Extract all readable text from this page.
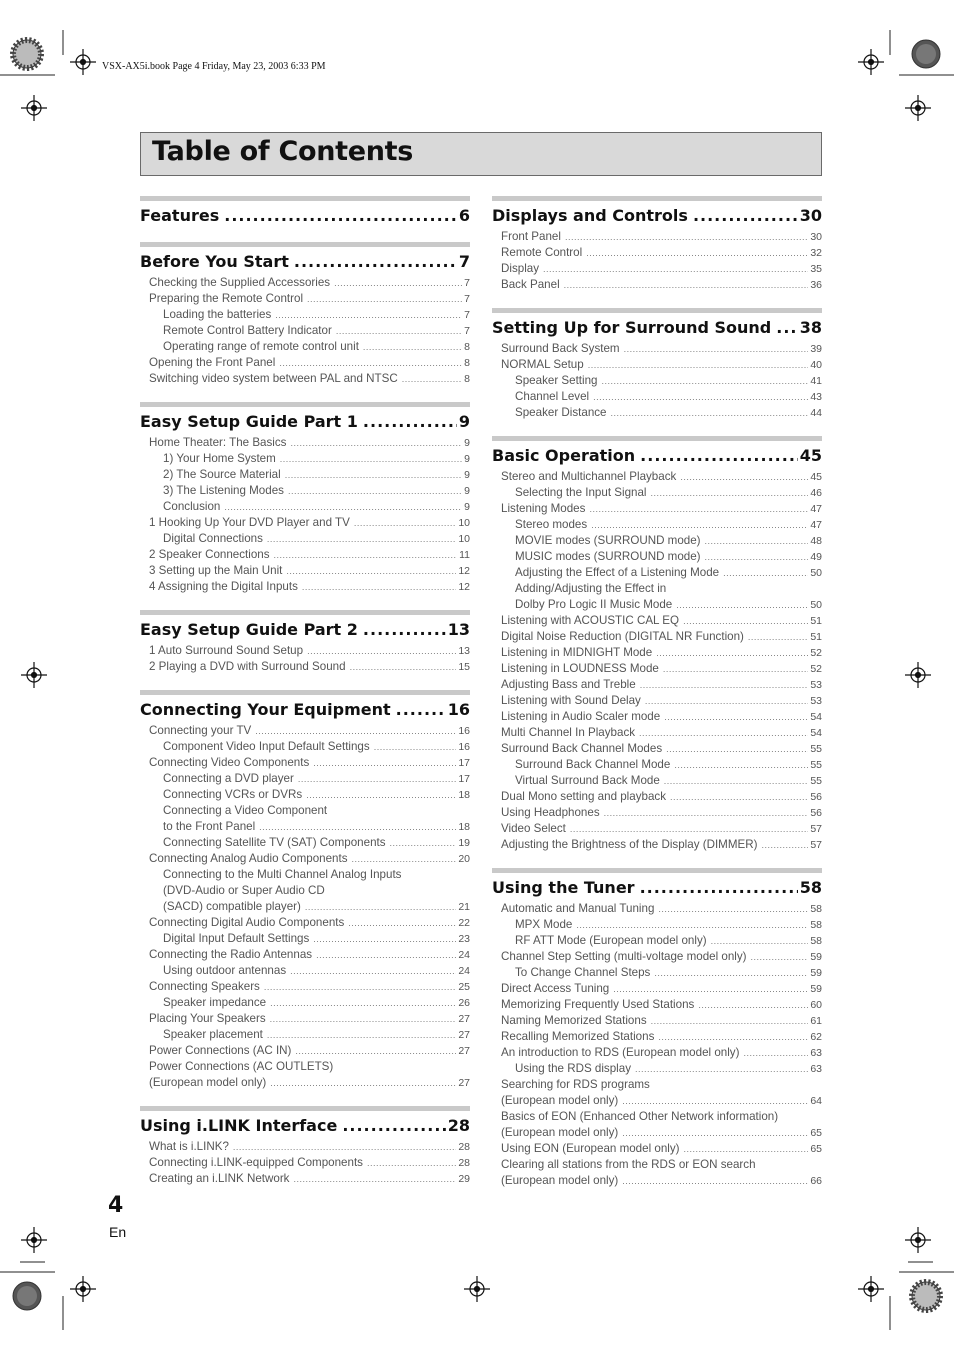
VSX-AX5i.book Page 4 Friday, May 23, 2003 6:33 PM
Table of Contents
Features .....	6
Before You Start .....	7
Checking the Supplied Accessories .....	7
Preparing the Remote Control .....	7
Loading the batteries .....	7
Remote Control Battery Indicator .....	7
Operating range of remote control unit .....	8
Opening the Front Panel .....	8
Switching video system between PAL and NTSC .....	8
Easy Setup Guide Part 1 .....	9
Home Theater: The Basics .....	9
1) Your Home System .....	9
2) The Source Material .....	9
3) The Listening Modes .....	9
Conclusion .....	9
1 Hooking Up Your DVD Player and TV .....	10
Digital Connections .....	10
2 Speaker Connections .....	11
3 Setting up the Main Unit .....	12
4 Assigning the Digital Inputs .....	12
Easy Setup Guide Part 2 .....	13
1 Auto Surround Sound Setup .....	13
2 Playing a DVD with Surround Sound .....	15
Connecting Your Equipment .....	16
Connecting your TV .....	16
Component Video Input Default Settings .....	16
Connecting Video Components .....	17
Connecting a DVD player .....	17
Connecting VCRs or DVRs .....	18
Connecting a Video Component
to the Front Panel .....	18
Connecting Satellite TV (SAT) Components .....	19
Connecting Analog Audio Components .....	20
Connecting to the Multi Channel Analog Inputs
(DVD-Audio or Super Audio CD
(SACD) compatible player) .....	21
Connecting Digital Audio Components .....	22
Digital Input Default Settings .....	23
Connecting the Radio Antennas .....	24
Using outdoor antennas .....	24
Connecting Speakers .....	25
Speaker impedance .....	26
Placing Your Speakers .....	27
Speaker placement .....	27
Power Connections (AC IN) .....	27
Power Connections (AC OUTLETS)
(European model only) .....	27
Using i.LINK Interface .....	28
What is i.LINK? .....	28
Connecting i.LINK-equipped Components .....	28
Creating an i.LINK Network .....	29
Displays and Controls .....	30
Front Panel .....	30
Remote Control .....	32
Display .....	35
Back Panel .....	36
Setting Up for Surround Sound ..... 38
Surround Back System .....	39
NORMAL Setup .....	40
Speaker Setting .....	41
Channel Level .....	43
Speaker Distance .....	44
Basic Operation .....	45
Stereo and Multichannel Playback .....	45
Selecting the Input Signal .....	46
Listening Modes .....	47
Stereo modes .....	47
MOVIE modes (SURROUND mode) .....	48
MUSIC modes (SURROUND mode) .....	49
Adjusting the Effect of a Listening Mode .....	50
Adding/Adjusting the Effect in
Dolby Pro Logic II Music Mode .....	50
Listening with ACOUSTIC CAL EQ .....	51
Digital Noise Reduction (DIGITAL NR Function) .....	51
Listening in MIDNIGHT Mode .....	52
Listening in LOUDNESS Mode .....	52
Adjusting Bass and Treble .....	53
Listening with Sound Delay .....	53
Listening in Audio Scaler mode .....	54
Multi Channel In Playback .....	54
Surround Back Channel Modes .....	55
Surround Back Channel Mode .....	55
Virtual Surround Back Mode .....	55
Dual Mono setting and playback .....	56
Using Headphones .....	56
Video Select .....	57
Adjusting the Brightness of the Display (DIMMER) .....	57
Using the Tuner .....	58
Automatic and Manual Tuning .....	58
MPX Mode .....	58
RF ATT Mode (European model only) .....	58
Channel Step Setting (multi-voltage model only) .....	59
To Change Channel Steps .....	59
Direct Access Tuning .....	59
Memorizing Frequently Used Stations .....	60
Naming Memorized Stations .....	61
Recalling Memorized Stations .....	62
An introduction to RDS (European model only) .....	63
Using the RDS display .....	63
Searching for RDS programs
(European model only) .....	64
Basics of EON (Enhanced Other Network information)
(European model only) .....	65
Using EON (European model only) .....	65
Clearing all stations from the RDS or EON search
(European model only) .....	66
4
En
